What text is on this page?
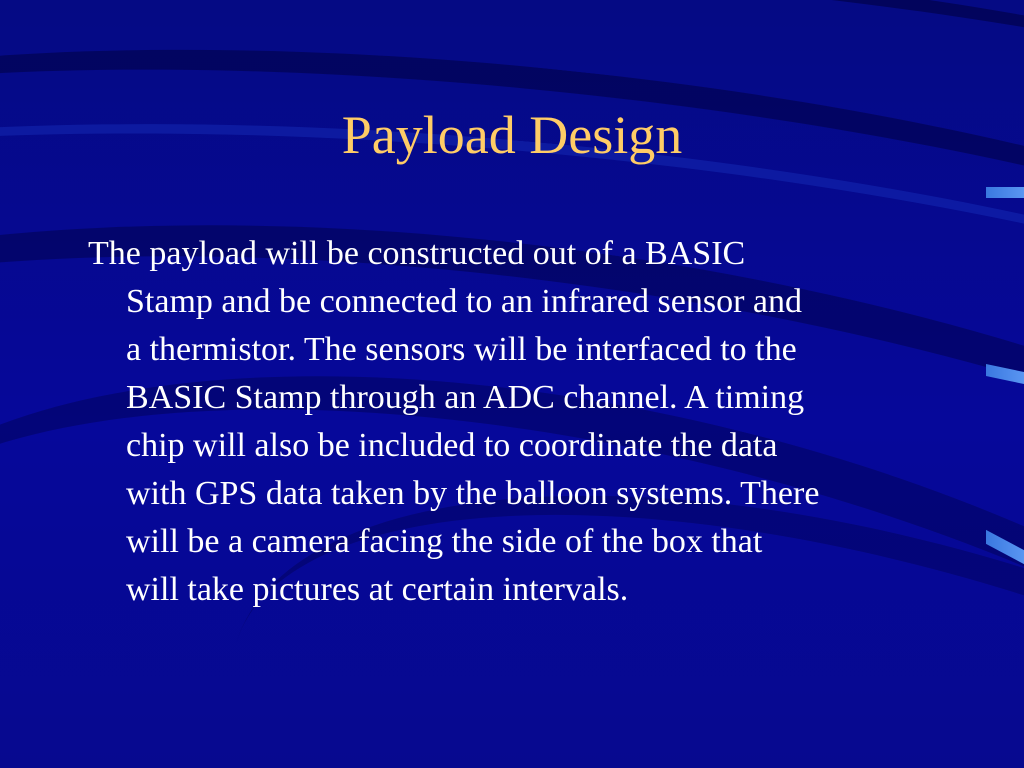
Payload Design

The payload will be constructed out of a BASIC
Stamp and be connected to an infrared sensor and
a thermistor. The sensors will be interfaced to the
BASIC Stamp through an ADC channel. A timing
chip will also be included to coordinate the data
with GPS data taken by the balloon systems. There
will be a camera facing the side of the box that
will take pictures at certain intervals.
